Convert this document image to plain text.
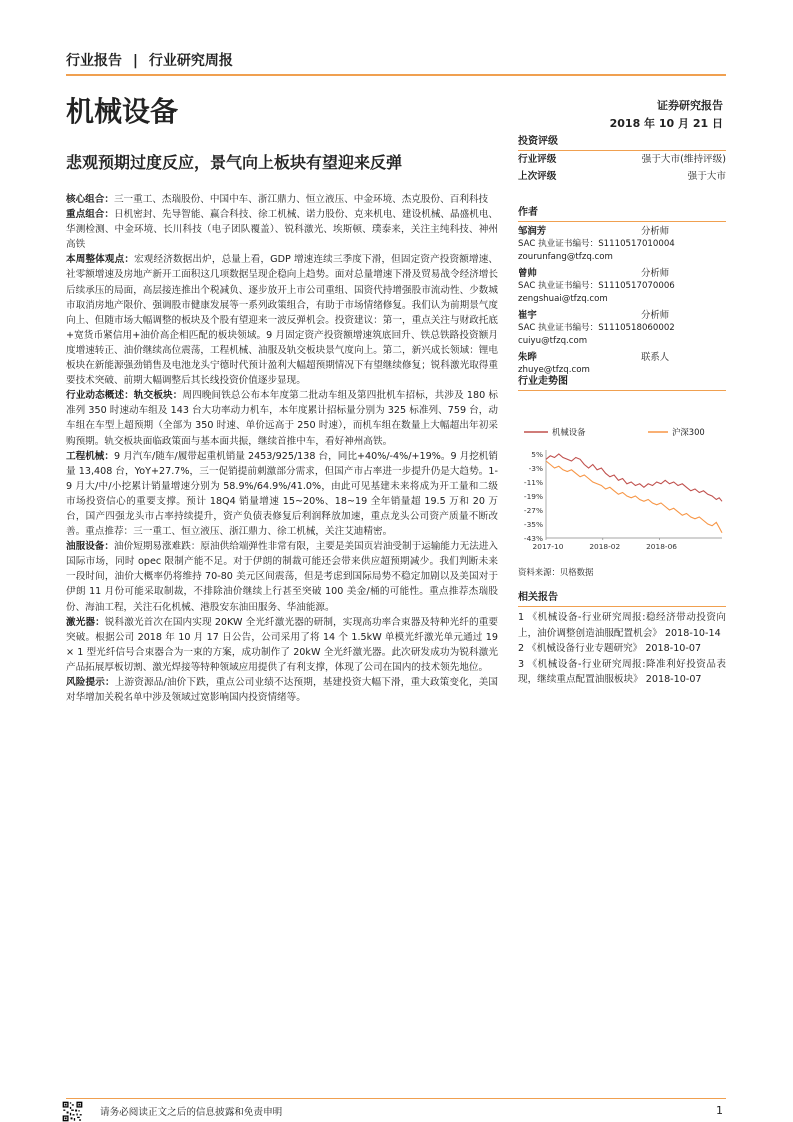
行业报告 | 行业研究周报
机械设备	证券研究报告
2018 年 10 月 21 日
悲观预期过度反应，景气向上板块有望迎来反弹

核心组合：三一重工、杰瑞股份、中国中车、浙江鼎力、恒立液压、中金环境、杰克股份、百利科技

重点组合：日机密封、先导智能、赢合科技、徐工机械、诺力股份、克来机电、建设机械、晶盛机电、华测检测、中金环境、长川科技（电子团队覆盖）、锐科激光、埃斯顿、璞泰来，关注主纯科技、神州高铁

本周整体观点：宏观经济数据出炉，总量上看，GDP 增速连续三季度下滑，但固定资产投资额增速、社零额增速及房地产新开工面积这几项数据呈现企稳向上趋势。面对总量增速下滑及贸易战令经济增长后续承压的局面，高层接连推出个税减负、逐步放开上市公司重组、国资代持增强股市流动性、少数城市取消房地产限价、强调股市健康发展等一系列政策组合，有助于市场情绪修复。我们认为前期景气度向上、但随市场大幅调整的板块及个股有望迎来一波反弹机会。投资建议：第一，重点关注与财政托底+宽货币紧信用+油价高企相匹配的板块领域。9 月固定资产投资额增速筑底回升、铁总铁路投资额月度增速转正、油价继续高位震荡，工程机械、油服及轨交板块景气度向上。第二，新兴成长领域：锂电板块在新能源强劲销售及电池龙头宁德时代预计盈利大幅超预期情况下有望继续修复；锐科激光取得重要技术突破、前期大幅调整后其长线投资价值逐步显现。

行业动态概述：轨交板块：周四晚间铁总公布本年度第二批动车组及第四批机车招标，共涉及 180 标准列 350 时速动车组及 143 台大功率动力机车，本年度累计招标量分别为 325 标准列、759 台，动车组在车型上超预期（全部为 350 时速、单价远高于 250 时速），而机车组在数量上大幅超出年初采购预期。轨交板块面临政策面与基本面共振，继续首推中车，看好神州高铁。

工程机械：9 月汽车/随车/履带起重机销量 2453/925/138 台，同比+40%/-4%/+19%。9 月挖机销量 13,408 台，YoY+27.7%，三一促销提前刺激部分需求，但国产市占率进一步提升仍是大趋势。1-9 月大/中/小挖累计销量增速分别为 58.9%/64.9%/41.0%，由此可见基建未来将成为开工量和二级市场投资信心的重要支撑。预计 18Q4 销量增速 15~20%、18~19 全年销量超 19.5 万和 20 万台，国产四强龙头市占率持续提升，资产负债表修复后利润释放加速，重点龙头公司资产质量不断改善。重点推荐：三一重工、恒立液压、浙江鼎力、徐工机械，关注艾迪精密。

油服设备：油价短期易涨难跌：原油供给端弹性非常有限，主要是美国页岩油受制于运输能力无法进入国际市场，同时 opec 限制产能不足。对于伊朗的制裁可能还会带来供应超预期减少。我们判断未来一段时间，油价大概率仍将维持 70-80 美元区间震荡，但是考虑到国际局势不稳定加剧以及美国对于伊朗 11 月份可能采取制裁，不排除油价继续上行甚至突破 100 美金/桶的可能性。重点推荐杰瑞股份、海油工程，关注石化机械、港股安东油田服务、华油能源。

激光器：锐科激光首次在国内实现 20KW 全光纤激光器的研制，实现高功率合束器及特种光纤的重要突破。根据公司 2018 年 10 月 17 日公告，公司采用了将 14 个 1.5kW 单模光纤激光单元通过 19 × 1 型光纤信号合束器合为一束的方案，成功制作了 20kW 全光纤激光器。此次研发成功为锐科激光产品拓展厚板切割、激光焊接等特种领域应用提供了有利支撑，体现了公司在国内的技术领先地位。

风险提示：上游资源品/油价下跌，重点公司业绩不达预期，基建投资大幅下滑，重大政策变化，美国对华增加关税名单中涉及领域过宽影响国内投资情绪等。

投资评级
行业评级	强于大市(维持评级)
上次评级	强于大市
作者
邹润芳	分析师
SAC 执业证书编号：S1110517010004
zourunfang@tfzq.com
曾帅	分析师
SAC 执业证书编号：S1110517070006
zengshuai@tfzq.com
崔宇	分析师
SAC 执业证书编号：S1110518060002
cuiyu@tfzq.com
朱晔	联系人
zhuye@tfzq.com
行业走势图
机械设备	沪深300
5%
-3%
-11%
-19%
-27%
-35%
-43%
2017-10	2018-02	2018-06
资料来源：贝格数据
相关报告
1 《机械设备-行业研究周报:稳经济带动投资向上，油价调整创造油服配置机会》 2018-10-14
2 《机械设备行业专题研究》 2018-10-07
3 《机械设备-行业研究周报:降准利好投资品表现，继续重点配置油服板块》 2018-10-07
请务必阅读正文之后的信息披露和免责申明	1
